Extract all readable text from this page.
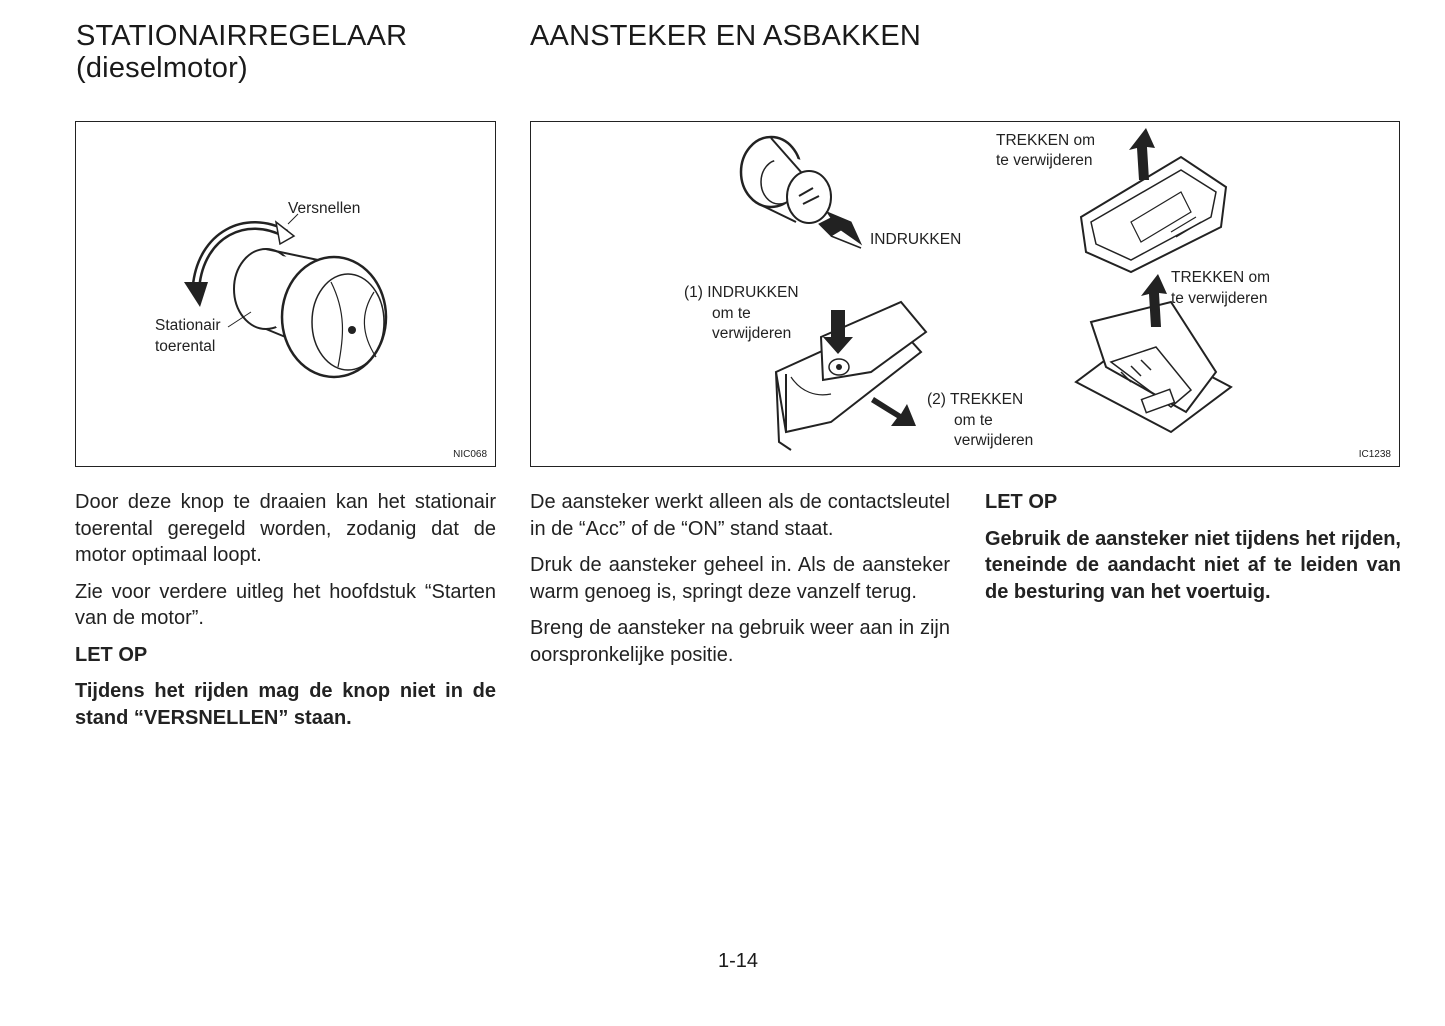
STATIONAIRREGELAAR
(dieselmotor)
AANSTEKER EN ASBAKKEN
Versnellen
Stationair
toerental
NIC068
INDRUKKEN
(1) INDRUKKEN
om te
verwijderen
(2) TREKKEN
om te
verwijderen
TREKKEN om
te verwijderen
TREKKEN om
te verwijderen
IC1238

Door deze knop te draaien kan het stationair toerental geregeld worden, zodanig dat de motor optimaal loopt.

Zie voor verdere uitleg het hoofdstuk “Starten van de motor”.

LET OP

Tijdens het rijden mag de knop niet in de stand “VERSNELLEN” staan.

De aansteker werkt alleen als de contactsleutel in de “Acc” of de “ON” stand staat.

Druk de aansteker geheel in. Als de aansteker warm genoeg is, springt deze vanzelf terug.

Breng de aansteker na gebruik weer aan in zijn oorspronkelijke positie.

LET OP

Gebruik de aansteker niet tijdens het rijden, teneinde de aandacht niet af te leiden van de besturing van het voertuig.

1-14
